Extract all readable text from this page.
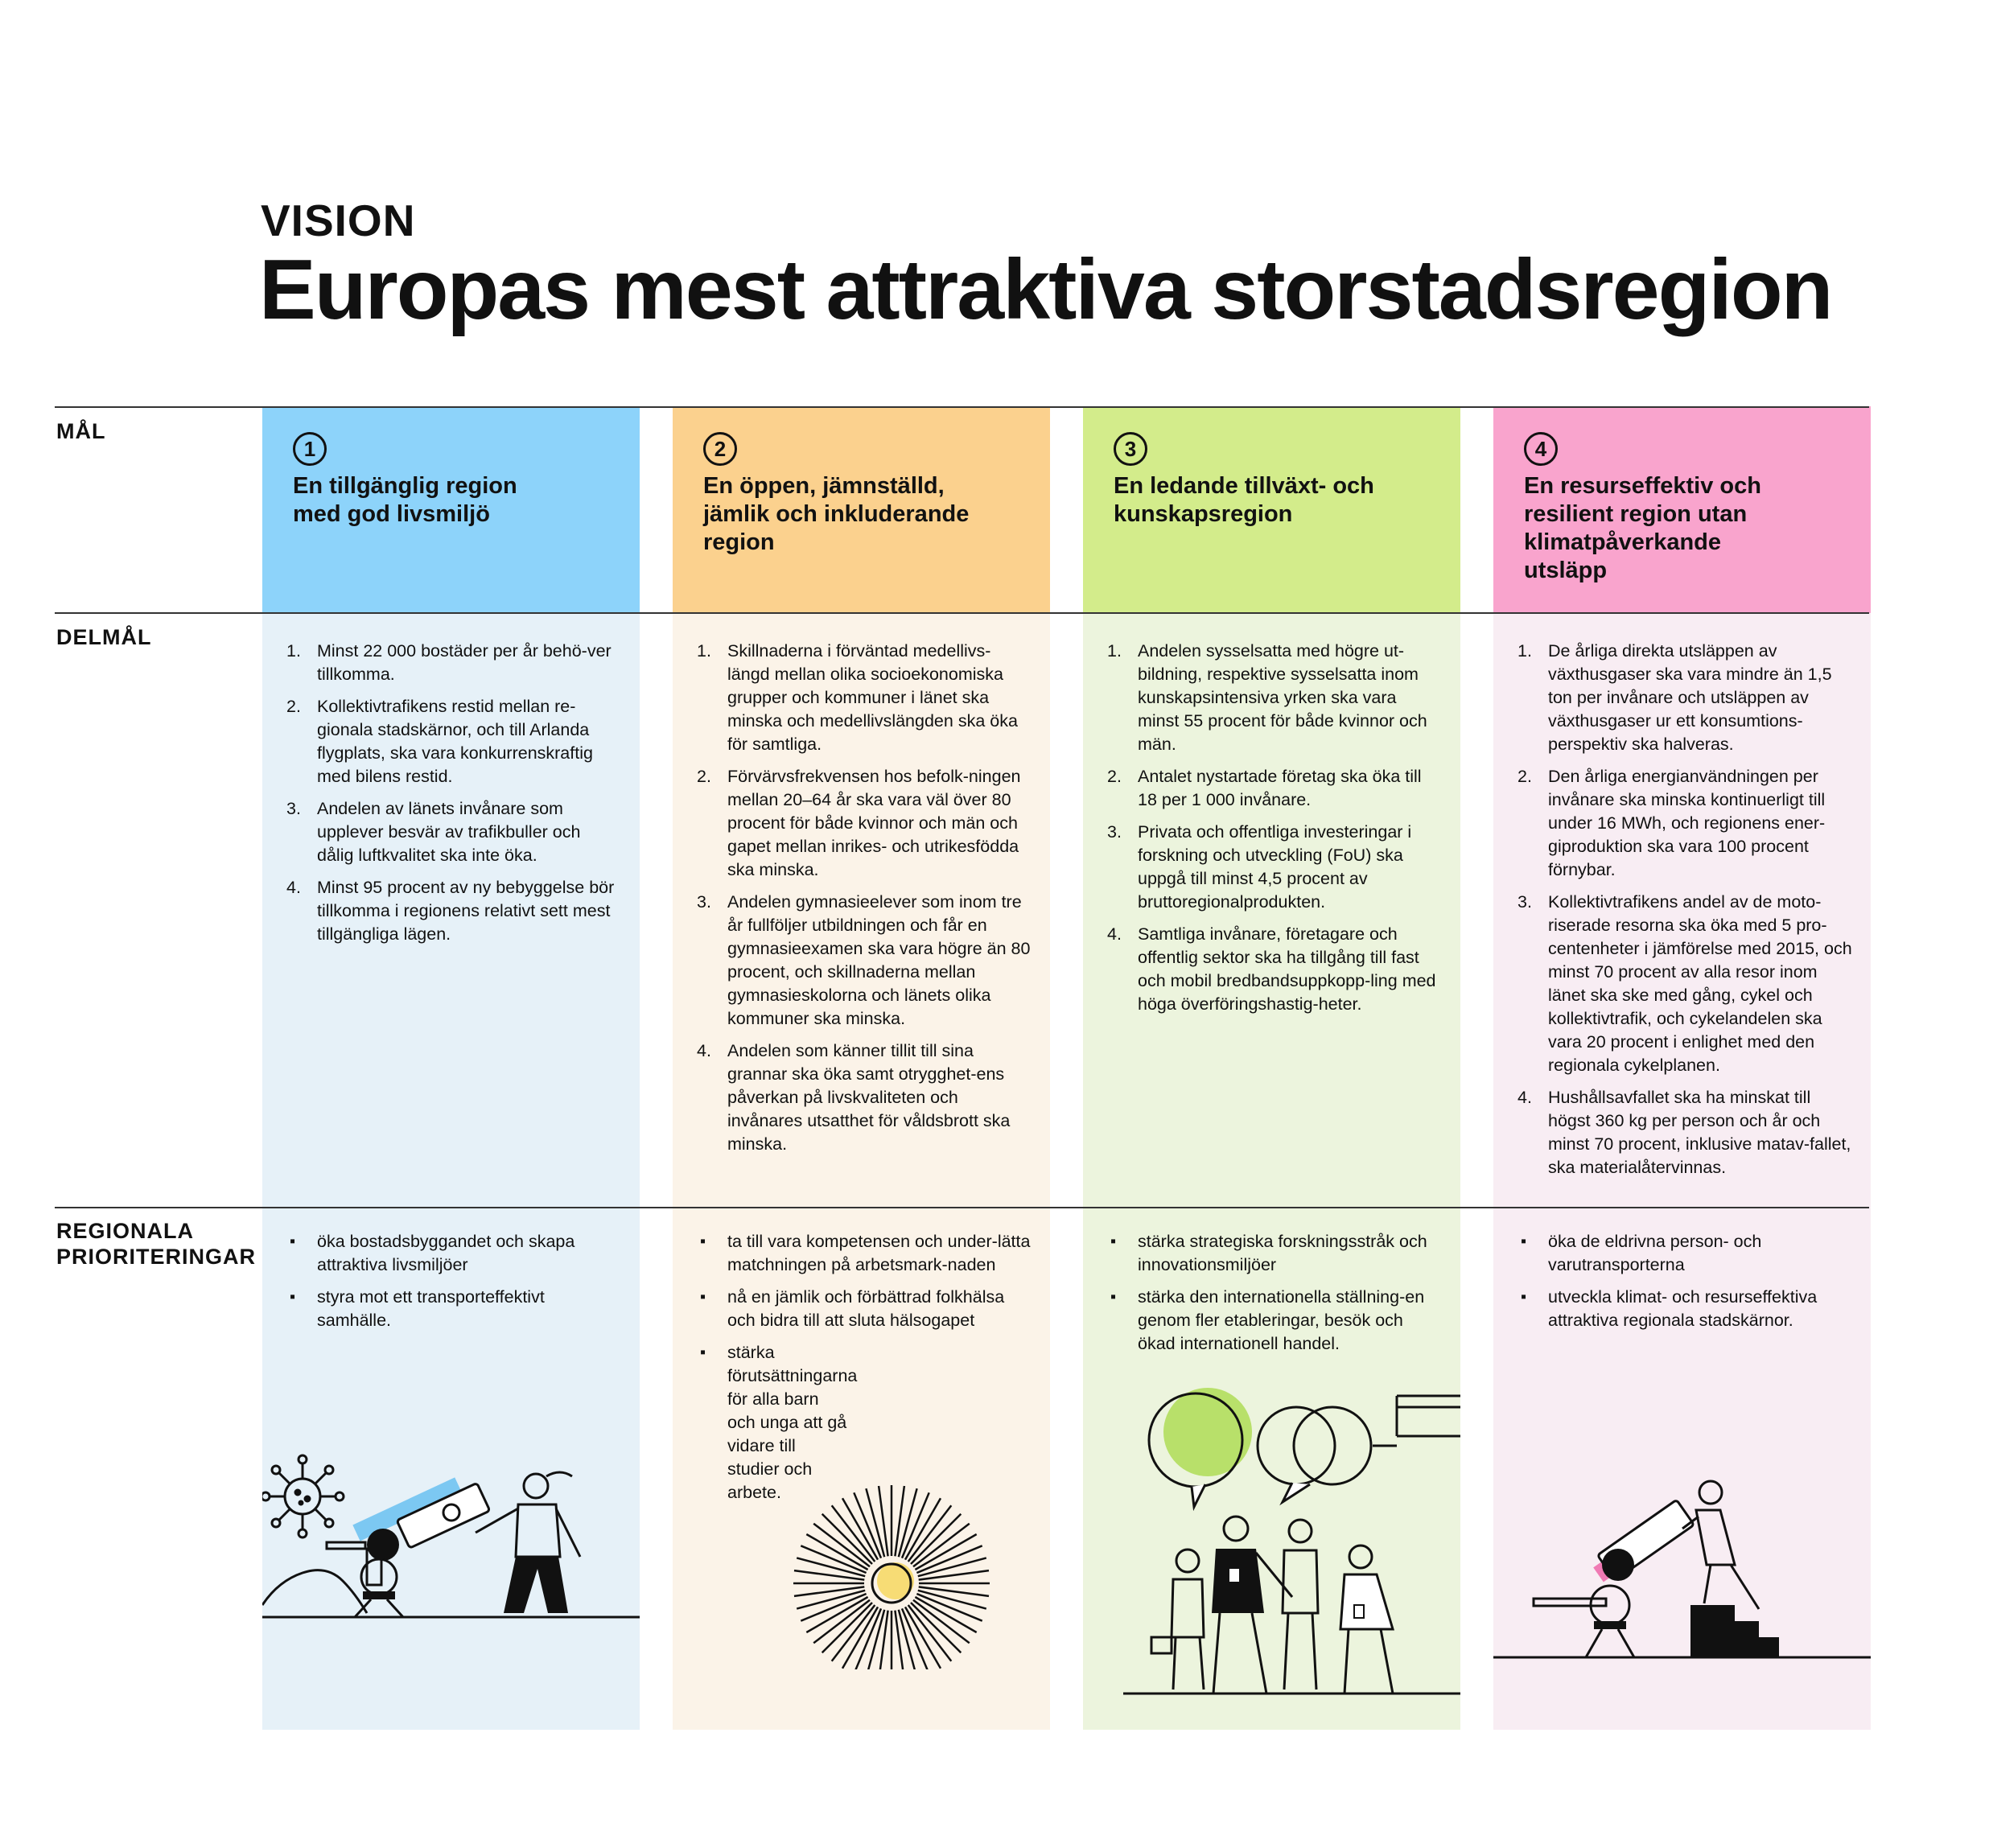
VISION
Europas mest attraktiva storstadsregion
1
En tillgänglig region med god livsmiljö
Minst 22 000 bostäder per år behö-ver tillkomma.
Kollektivtrafikens restid mellan re-gionala stadskärnor, och till Arlanda flygplats, ska vara konkurrenskraftig med bilens restid.
Andelen av länets invånare som upplever besvär av trafikbuller och dålig luftkvalitet ska inte öka.
Minst 95 procent av ny bebyggelse bör tillkomma i regionens relativt sett mest tillgängliga lägen.
▪ öka bostadsbyggandet och skapa attraktiva livsmiljöer
▪ styra mot ett transporteffektivt samhälle.
2
En öppen, jämnställd, jämlik och inkluderande region
Skillnaderna i förväntad medellivs-längd mellan olika socioekonomiska grupper och kommuner i länet ska minska och medellivslängden ska öka för samtliga.
Förvärvsfrekvensen hos befolk-ningen mellan 20–64 år ska vara väl över 80 procent för både kvinnor och män och gapet mellan inrikes- och utrikesfödda ska minska.
Andelen gymnasieelever som inom tre år fullföljer utbildningen och får en gymnasieexamen ska vara högre än 80 procent, och skillnaderna mellan gymnasieskolorna och länets olika kommuner ska minska.
Andelen som känner tillit till sina grannar ska öka samt otrygghet-ens påverkan på livskvaliteten och invånares utsatthet för våldsbrott ska minska.
▪ ta till vara kompetensen och under-lätta matchningen på arbetsmark-naden
▪ nå en jämlik och förbättrad folkhälsa och bidra till att sluta hälsogapet
▪ stärka förutsättningarna för alla barn och unga att gå vidare till studier och arbete.
3
En ledande tillväxt- och kunskapsregion
Andelen sysselsatta med högre ut-bildning, respektive sysselsatta inom kunskapsintensiva yrken ska vara minst 55 procent för både kvinnor och män.
Antalet nystartade företag ska öka till 18 per 1 000 invånare.
Privata och offentliga investeringar i forskning och utveckling (FoU) ska uppgå till minst 4,5 procent av bruttoregionalprodukten.
Samtliga invånare, företagare och offentlig sektor ska ha tillgång till fast och mobil bredbandsuppkopp-ling med höga överföringshastig-heter.
▪ stärka strategiska forskningsstråk och innovationsmiljöer
▪ stärka den internationella ställning-en genom fler etableringar, besök och ökad internationell handel.
4
En resurseffektiv och resilient region utan klimatpåverkande utsläpp
De årliga direkta utsläppen av växthusgaser ska vara mindre än 1,5 ton per invånare och utsläppen av växthusgaser ur ett konsumtions-perspektiv ska halveras.
Den årliga energianvändningen per invånare ska minska kontinuerligt till under 16 MWh, och regionens ener-giproduktion ska vara 100 procent förnybar.
Kollektivtrafikens andel av de moto-riserade resorna ska öka med 5 pro-centenheter i jämförelse med 2015, och minst 70 procent av alla resor inom länet ska ske med gång, cykel och kollektivtrafik, och cykelandelen ska vara 20 procent i enlighet med den regionala cykelplanen.
Hushållsavfallet ska ha minskat till högst 360 kg per person och år och minst 70 procent, inklusive matav-fallet, ska materialåtervinnas.
▪ öka de eldrivna person- och varutransporterna
▪ utveckla klimat- och resurseffektiva attraktiva regionala stadskärnor.
MÅL
DELMÅL
REGIONALA PRIORITERINGAR
